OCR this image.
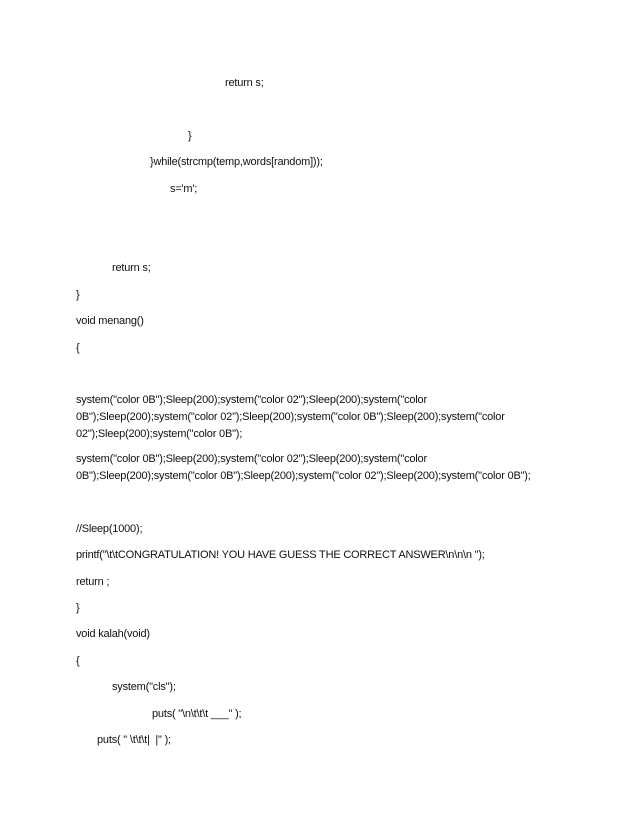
return s;
}
}while(strcmp(temp,words[random]));
s='m';
return s;
}
void menang()
{
system("color 0B");Sleep(200);system("color 02");Sleep(200);system("color
0B");Sleep(200);system("color 02");Sleep(200);system("color 0B");Sleep(200);system("color
02");Sleep(200);system("color 0B");
system("color 0B");Sleep(200);system("color 02");Sleep(200);system("color
0B");Sleep(200);system("color 0B");Sleep(200);system("color 02");Sleep(200);system("color 0B");
//Sleep(1000);
printf("\t\tCONGRATULATION! YOU HAVE GUESS THE CORRECT ANSWER\n\n\n ");
return ;
}
void kalah(void)
{
system("cls");
puts( "\n\t\t\t ___" );
puts( " \t\t\t|  |" );
